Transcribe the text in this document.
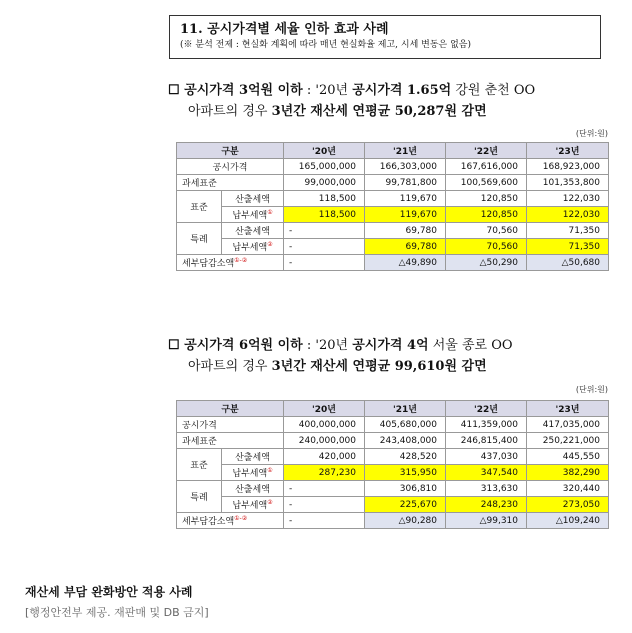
11. 공시가격별 세율 인하 효과 사례
(※ 분석 전제 : 현실화 계획에 따라 매년 현실화율 제고, 시세 변동은 없음)
☐ 공시가격 3억원 이하 : '20년 공시가격 1.65억 강원 춘천 OO
아파트의 경우 3년간 재산세 연평균 50,287원 감면
(단위:원)
구분		'20년	'21년	'22년	'23년
공시가격		165,000,000	166,303,000	167,616,000	168,923,000
과세표준		99,000,000	99,781,800	100,569,600	101,353,800
표준	산출세액	118,500	119,670	120,850	122,030
	납부세액①	118,500	119,670	120,850	122,030
특례	산출세액	-	69,780	70,560	71,350
	납부세액②	-	69,780	70,560	71,350
세부담감소액①-②		-	△49,890	△50,290	△50,680
☐ 공시가격 6억원 이하 : '20년 공시가격 4억 서울 종로 OO
아파트의 경우 3년간 재산세 연평균 99,610원 감면
(단위:원)
구분		'20년	'21년	'22년	'23년
공시가격		400,000,000	405,680,000	411,359,000	417,035,000
과세표준		240,000,000	243,408,000	246,815,400	250,221,000
표준	산출세액	420,000	428,520	437,030	445,550
	납부세액①	287,230	315,950	347,540	382,290
특례	산출세액	-	306,810	313,630	320,440
	납부세액②	-	225,670	248,230	273,050
세부담감소액①-②		-	△90,280	△99,310	△109,240
재산세 부담 완화방안 적용 사례
[행정안전부 제공. 재판매 및 DB 금지]
